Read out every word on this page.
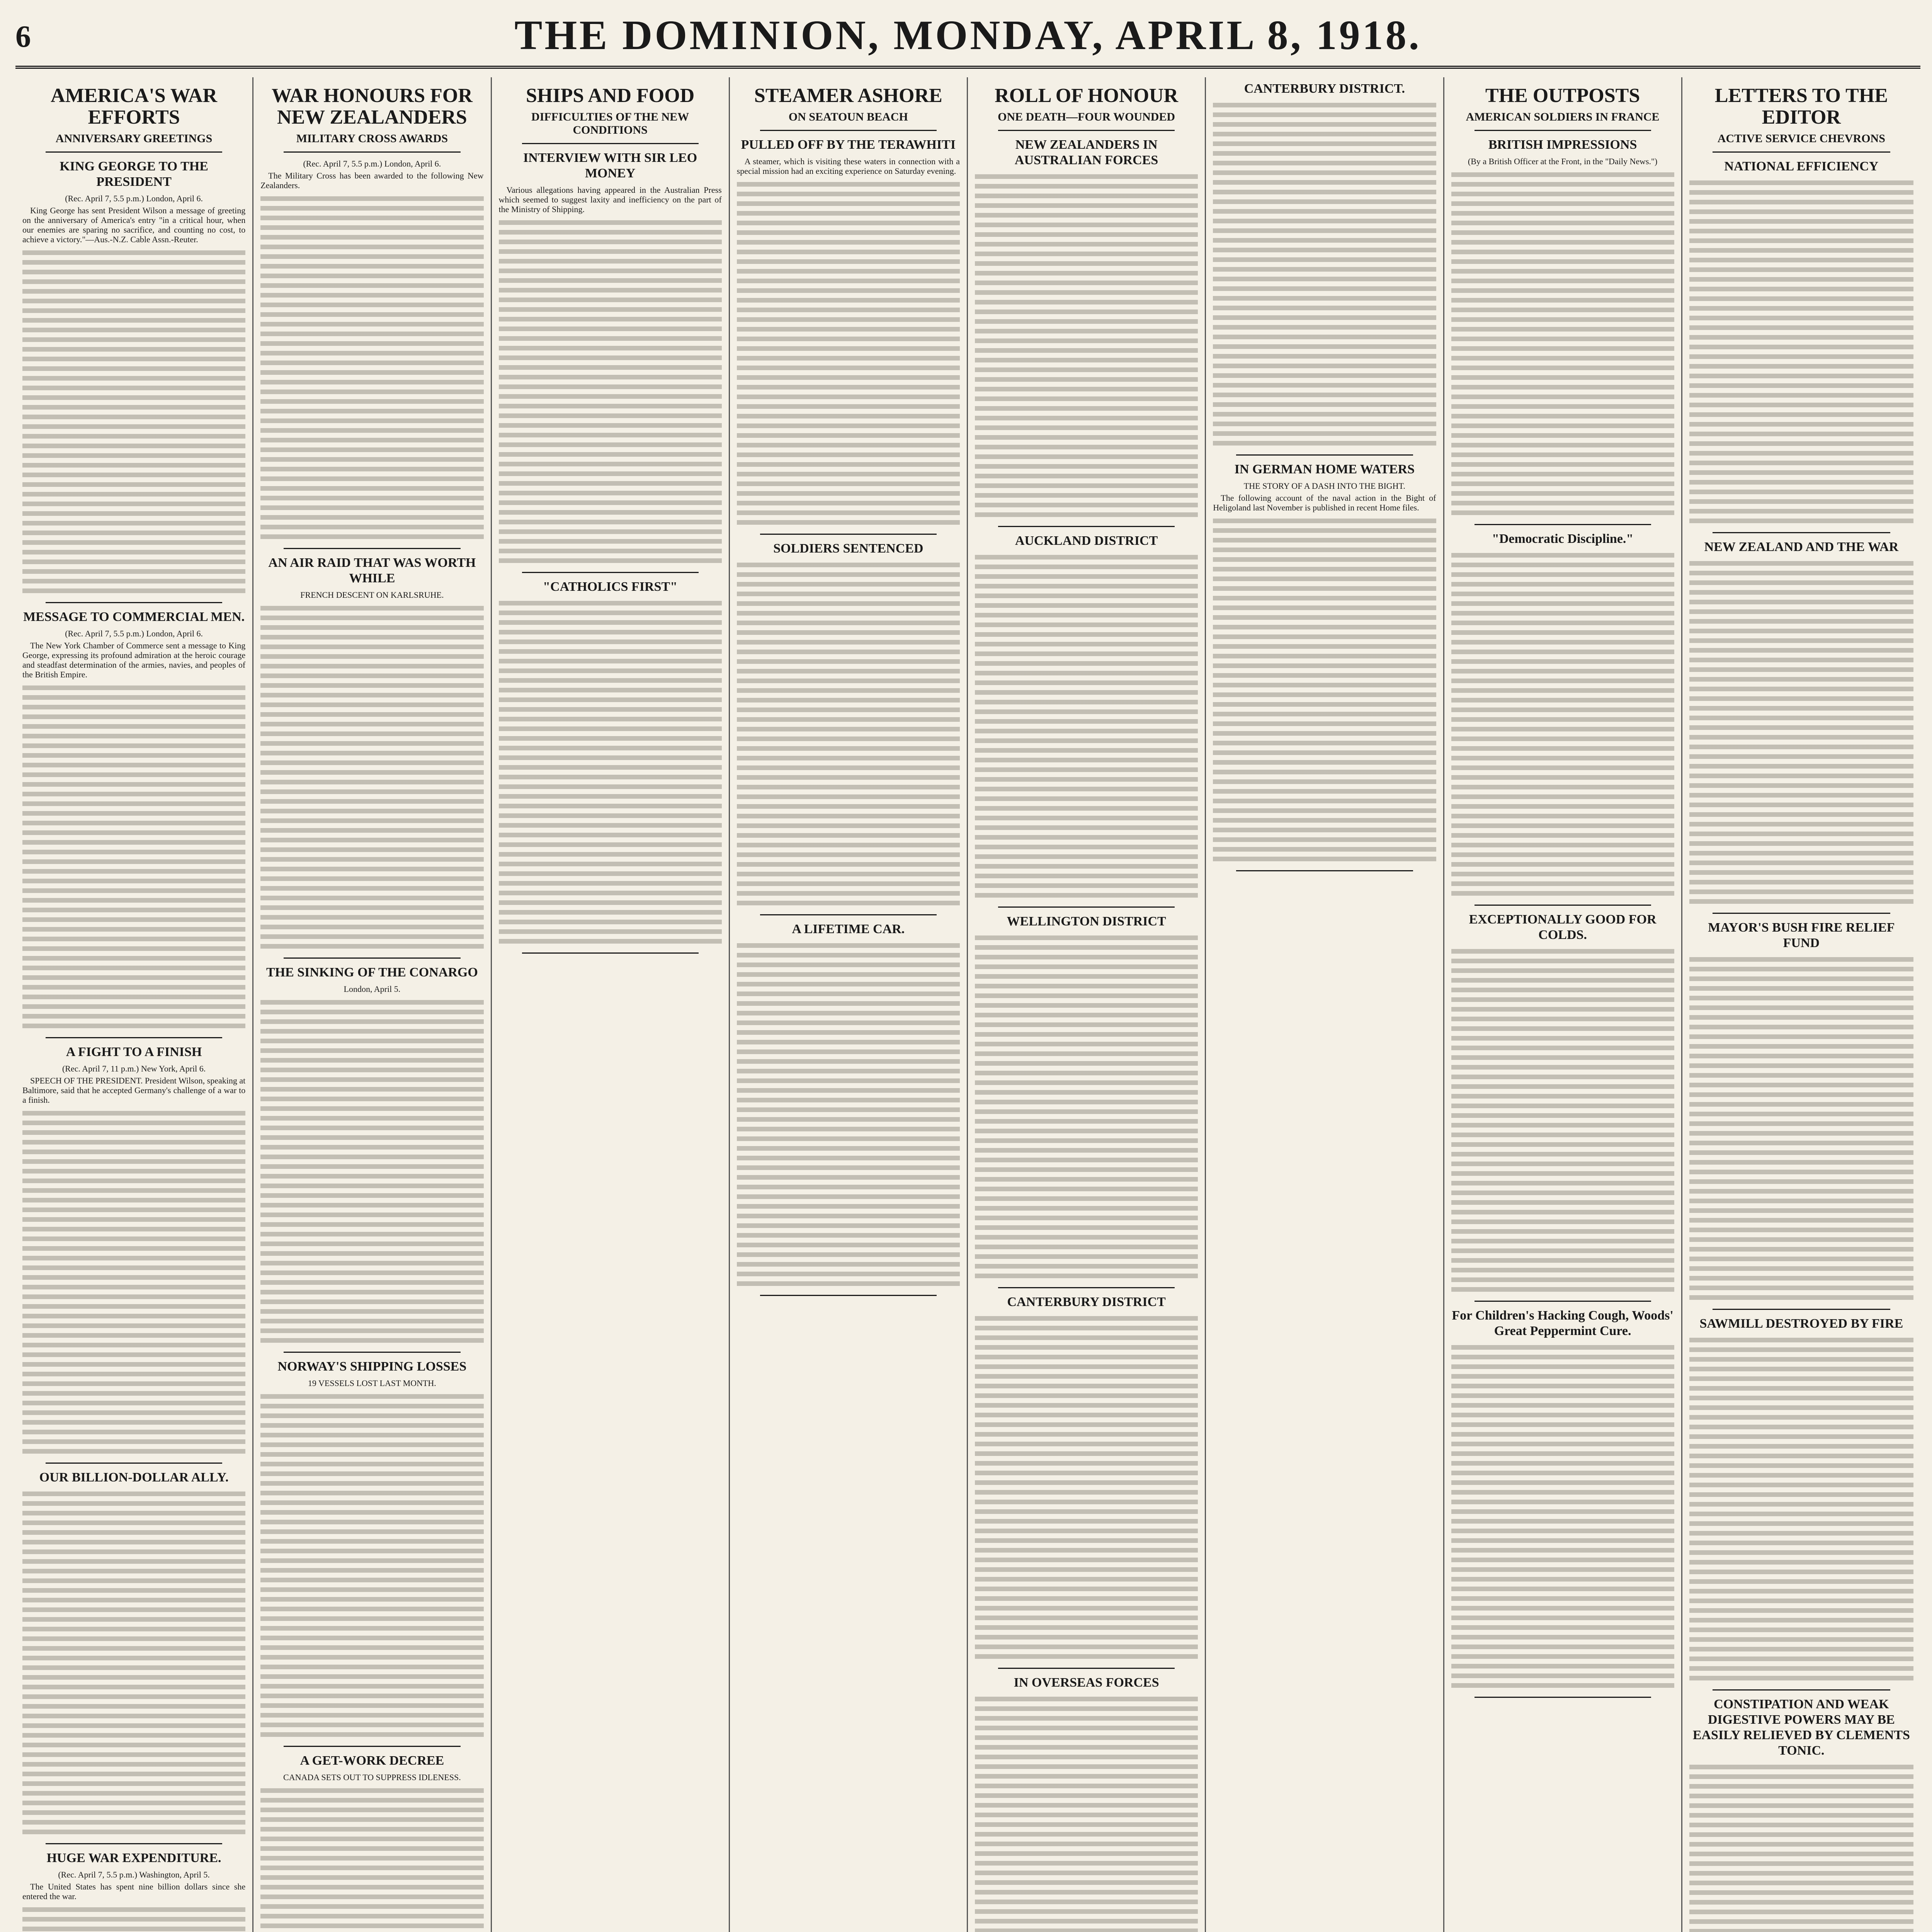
6	THE DOMINION, MONDAY, APRIL 8, 1918.
AMERICA'S WAR EFFORTS
ANNIVERSARY GREETINGS
KING GEORGE TO THE PRESIDENT

(Rec. April 7, 5.5 p.m.) London, April 6.

King George has sent President Wilson a message of greeting on the anniversary of America's entry "in a critical hour, when our enemies are sparing no sacrifice, and counting no cost, to achieve a victory."—Aus.-N.Z. Cable Assn.-Reuter.

MESSAGE TO COMMERCIAL MEN.

(Rec. April 7, 5.5 p.m.) London, April 6.

The New York Chamber of Commerce sent a message to King George, expressing its profound admiration at the heroic courage and steadfast determination of the armies, navies, and peoples of the British Empire.

A FIGHT TO A FINISH

(Rec. April 7, 11 p.m.) New York, April 6.

SPEECH OF THE PRESIDENT. President Wilson, speaking at Baltimore, said that he accepted Germany's challenge of a war to a finish.

OUR BILLION-DOLLAR ALLY.
HUGE WAR EXPENDITURE.

(Rec. April 7, 5.5 p.m.) Washington, April 5.

The United States has spent nine billion dollars since she entered the war.

WAR HONOURS FOR NEW ZEALANDERS
MILITARY CROSS AWARDS

(Rec. April 7, 5.5 p.m.) London, April 6.

The Military Cross has been awarded to the following New Zealanders.

AN AIR RAID THAT WAS WORTH WHILE

FRENCH DESCENT ON KARLSRUHE.

THE SINKING OF THE CONARGO

London, April 5.

NORWAY'S SHIPPING LOSSES

19 VESSELS LOST LAST MONTH.

A GET-WORK DECREE

CANADA SETS OUT TO SUPPRESS IDLENESS.

SHIPS AND FOOD
DIFFICULTIES OF THE NEW CONDITIONS
INTERVIEW WITH SIR LEO MONEY

Various allegations having appeared in the Australian Press which seemed to suggest laxity and inefficiency on the part of the Ministry of Shipping.

"CATHOLICS FIRST"
STEAMER ASHORE
ON SEATOUN BEACH
PULLED OFF BY THE TERAWHITI

A steamer, which is visiting these waters in connection with a special mission had an exciting experience on Saturday evening.

SOLDIERS SENTENCED
A LIFETIME CAR.
ROLL OF HONOUR
ONE DEATH—FOUR WOUNDED
NEW ZEALANDERS IN AUSTRALIAN FORCES
AUCKLAND DISTRICT
WELLINGTON DISTRICT
CANTERBURY DISTRICT
IN OVERSEAS FORCES
CANTERBURY DISTRICT.
IN GERMAN HOME WATERS

THE STORY OF A DASH INTO THE BIGHT.

The following account of the naval action in the Bight of Heligoland last November is published in recent Home files.

THE OUTPOSTS
AMERICAN SOLDIERS IN FRANCE
BRITISH IMPRESSIONS

(By a British Officer at the Front, in the "Daily News.")

"Democratic Discipline."
EXCEPTIONALLY GOOD FOR COLDS.
For Children's Hacking Cough, Woods' Great Peppermint Cure.
LETTERS TO THE EDITOR
ACTIVE SERVICE CHEVRONS
NATIONAL EFFICIENCY
NEW ZEALAND AND THE WAR
MAYOR'S BUSH FIRE RELIEF FUND
SAWMILL DESTROYED BY FIRE
CONSTIPATION AND WEAK DIGESTIVE POWERS MAY BE EASILY RELIEVED BY CLEMENTS TONIC.
